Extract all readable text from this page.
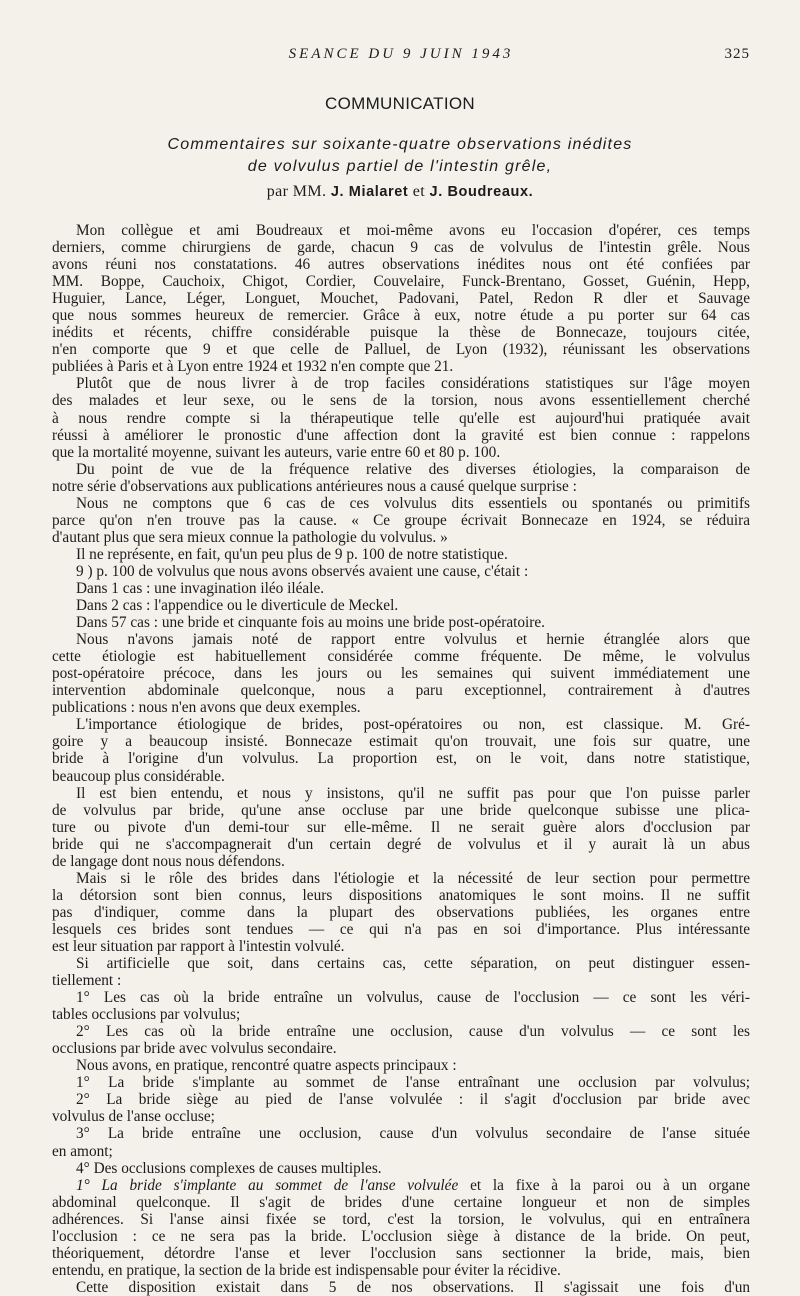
SEANCE DU 9 JUIN 1943	325
COMMUNICATION
Commentaires sur soixante-quatre observations inédites
de volvulus partiel de l'intestin grêle,
par MM. J. Mialaret et J. Boudreaux.
Mon collègue et ami Boudreaux et moi-même avons eu l'occasion d'opérer, ces temps
derniers, comme chirurgiens de garde, chacun 9 cas de volvulus de l'intestin grêle. Nous
avons réuni nos constatations. 46 autres observations inédites nous ont été confiées par
MM. Boppe, Cauchoix, Chigot, Cordier, Couvelaire, Funck-Brentano, Gosset, Guénin, Hepp,
Huguier, Lance, Léger, Longuet, Mouchet, Padovani, Patel, Redon R dler et Sauvage
que nous sommes heureux de remercier. Grâce à eux, notre étude a pu porter sur 64 cas
inédits et récents, chiffre considérable puisque la thèse de Bonnecaze, toujours citée,
n'en comporte que 9 et que celle de Palluel, de Lyon (1932), réunissant les observations
publiées à Paris et à Lyon entre 1924 et 1932 n'en compte que 21.
Plutôt que de nous livrer à de trop faciles considérations statistiques sur l'âge moyen
des malades et leur sexe, ou le sens de la torsion, nous avons essentiellement cherché
à nous rendre compte si la thérapeutique telle qu'elle est aujourd'hui pratiquée avait
réussi à améliorer le pronostic d'une affection dont la gravité est bien connue : rappelons
que la mortalité moyenne, suivant les auteurs, varie entre 60 et 80 p. 100.
Du point de vue de la fréquence relative des diverses étiologies, la comparaison de
notre série d'observations aux publications antérieures nous a causé quelque surprise :
Nous ne comptons que 6 cas de ces volvulus dits essentiels ou spontanés ou primitifs
parce qu'on n'en trouve pas la cause. « Ce groupe écrivait Bonnecaze en 1924, se réduira
d'autant plus que sera mieux connue la pathologie du volvulus. »
Il ne représente, en fait, qu'un peu plus de 9 p. 100 de notre statistique.
9 ) p. 100 de volvulus que nous avons observés avaient une cause, c'était :
Dans 1 cas : une invagination iléo iléale.
Dans 2 cas : l'appendice ou le diverticule de Meckel.
Dans 57 cas : une bride et cinquante fois au moins une bride post-opératoire.
Nous n'avons jamais noté de rapport entre volvulus et hernie étranglée alors que
cette étiologie est habituellement considérée comme fréquente. De même, le volvulus
post-opératoire précoce, dans les jours ou les semaines qui suivent immédiatement une
intervention abdominale quelconque, nous a paru exceptionnel, contrairement à d'autres
publications : nous n'en avons que deux exemples.
L'importance étiologique de brides, post-opératoires ou non, est classique. M. Gré-
goire y a beaucoup insisté. Bonnecaze estimait qu'on trouvait, une fois sur quatre, une
bride à l'origine d'un volvulus. La proportion est, on le voit, dans notre statistique,
beaucoup plus considérable.
Il est bien entendu, et nous y insistons, qu'il ne suffit pas pour que l'on puisse parler
de volvulus par bride, qu'une anse occluse par une bride quelconque subisse une plica-
ture ou pivote d'un demi-tour sur elle-même. Il ne serait guère alors d'occlusion par
bride qui ne s'accompagnerait d'un certain degré de volvulus et il y aurait là un abus
de langage dont nous nous défendons.
Mais si le rôle des brides dans l'étiologie et la nécessité de leur section pour permettre
la détorsion sont bien connus, leurs dispositions anatomiques le sont moins. Il ne suffit
pas d'indiquer, comme dans la plupart des observations publiées, les organes entre
lesquels ces brides sont tendues — ce qui n'a pas en soi d'importance. Plus intéressante
est leur situation par rapport à l'intestin volvulé.
Si artificielle que soit, dans certains cas, cette séparation, on peut distinguer essen-
tiellement :
1° Les cas où la bride entraîne un volvulus, cause de l'occlusion — ce sont les véri-
tables occlusions par volvulus;
2° Les cas où la bride entraîne une occlusion, cause d'un volvulus — ce sont les
occlusions par bride avec volvulus secondaire.
Nous avons, en pratique, rencontré quatre aspects principaux :
1° La bride s'implante au sommet de l'anse entraînant une occlusion par volvulus;
2° La bride siège au pied de l'anse volvulée : il s'agit d'occlusion par bride avec
volvulus de l'anse occluse;
3° La bride entraîne une occlusion, cause d'un volvulus secondaire de l'anse située
en amont;
4° Des occlusions complexes de causes multiples.
1° La bride s'implante au sommet de l'anse volvulée et la fixe à la paroi ou à un organe
abdominal quelconque. Il s'agit de brides d'une certaine longueur et non de simples
adhérences. Si l'anse ainsi fixée se tord, c'est la torsion, le volvulus, qui en entraînera
l'occlusion : ce ne sera pas la bride. L'occlusion siège à distance de la bride. On peut,
théoriquement, détordre l'anse et lever l'occlusion sans sectionner la bride, mais, bien
entendu, en pratique, la section de la bride est indispensable pour éviter la récidive.
Cette disposition existait dans 5 de nos observations. Il s'agissait une fois d'un
